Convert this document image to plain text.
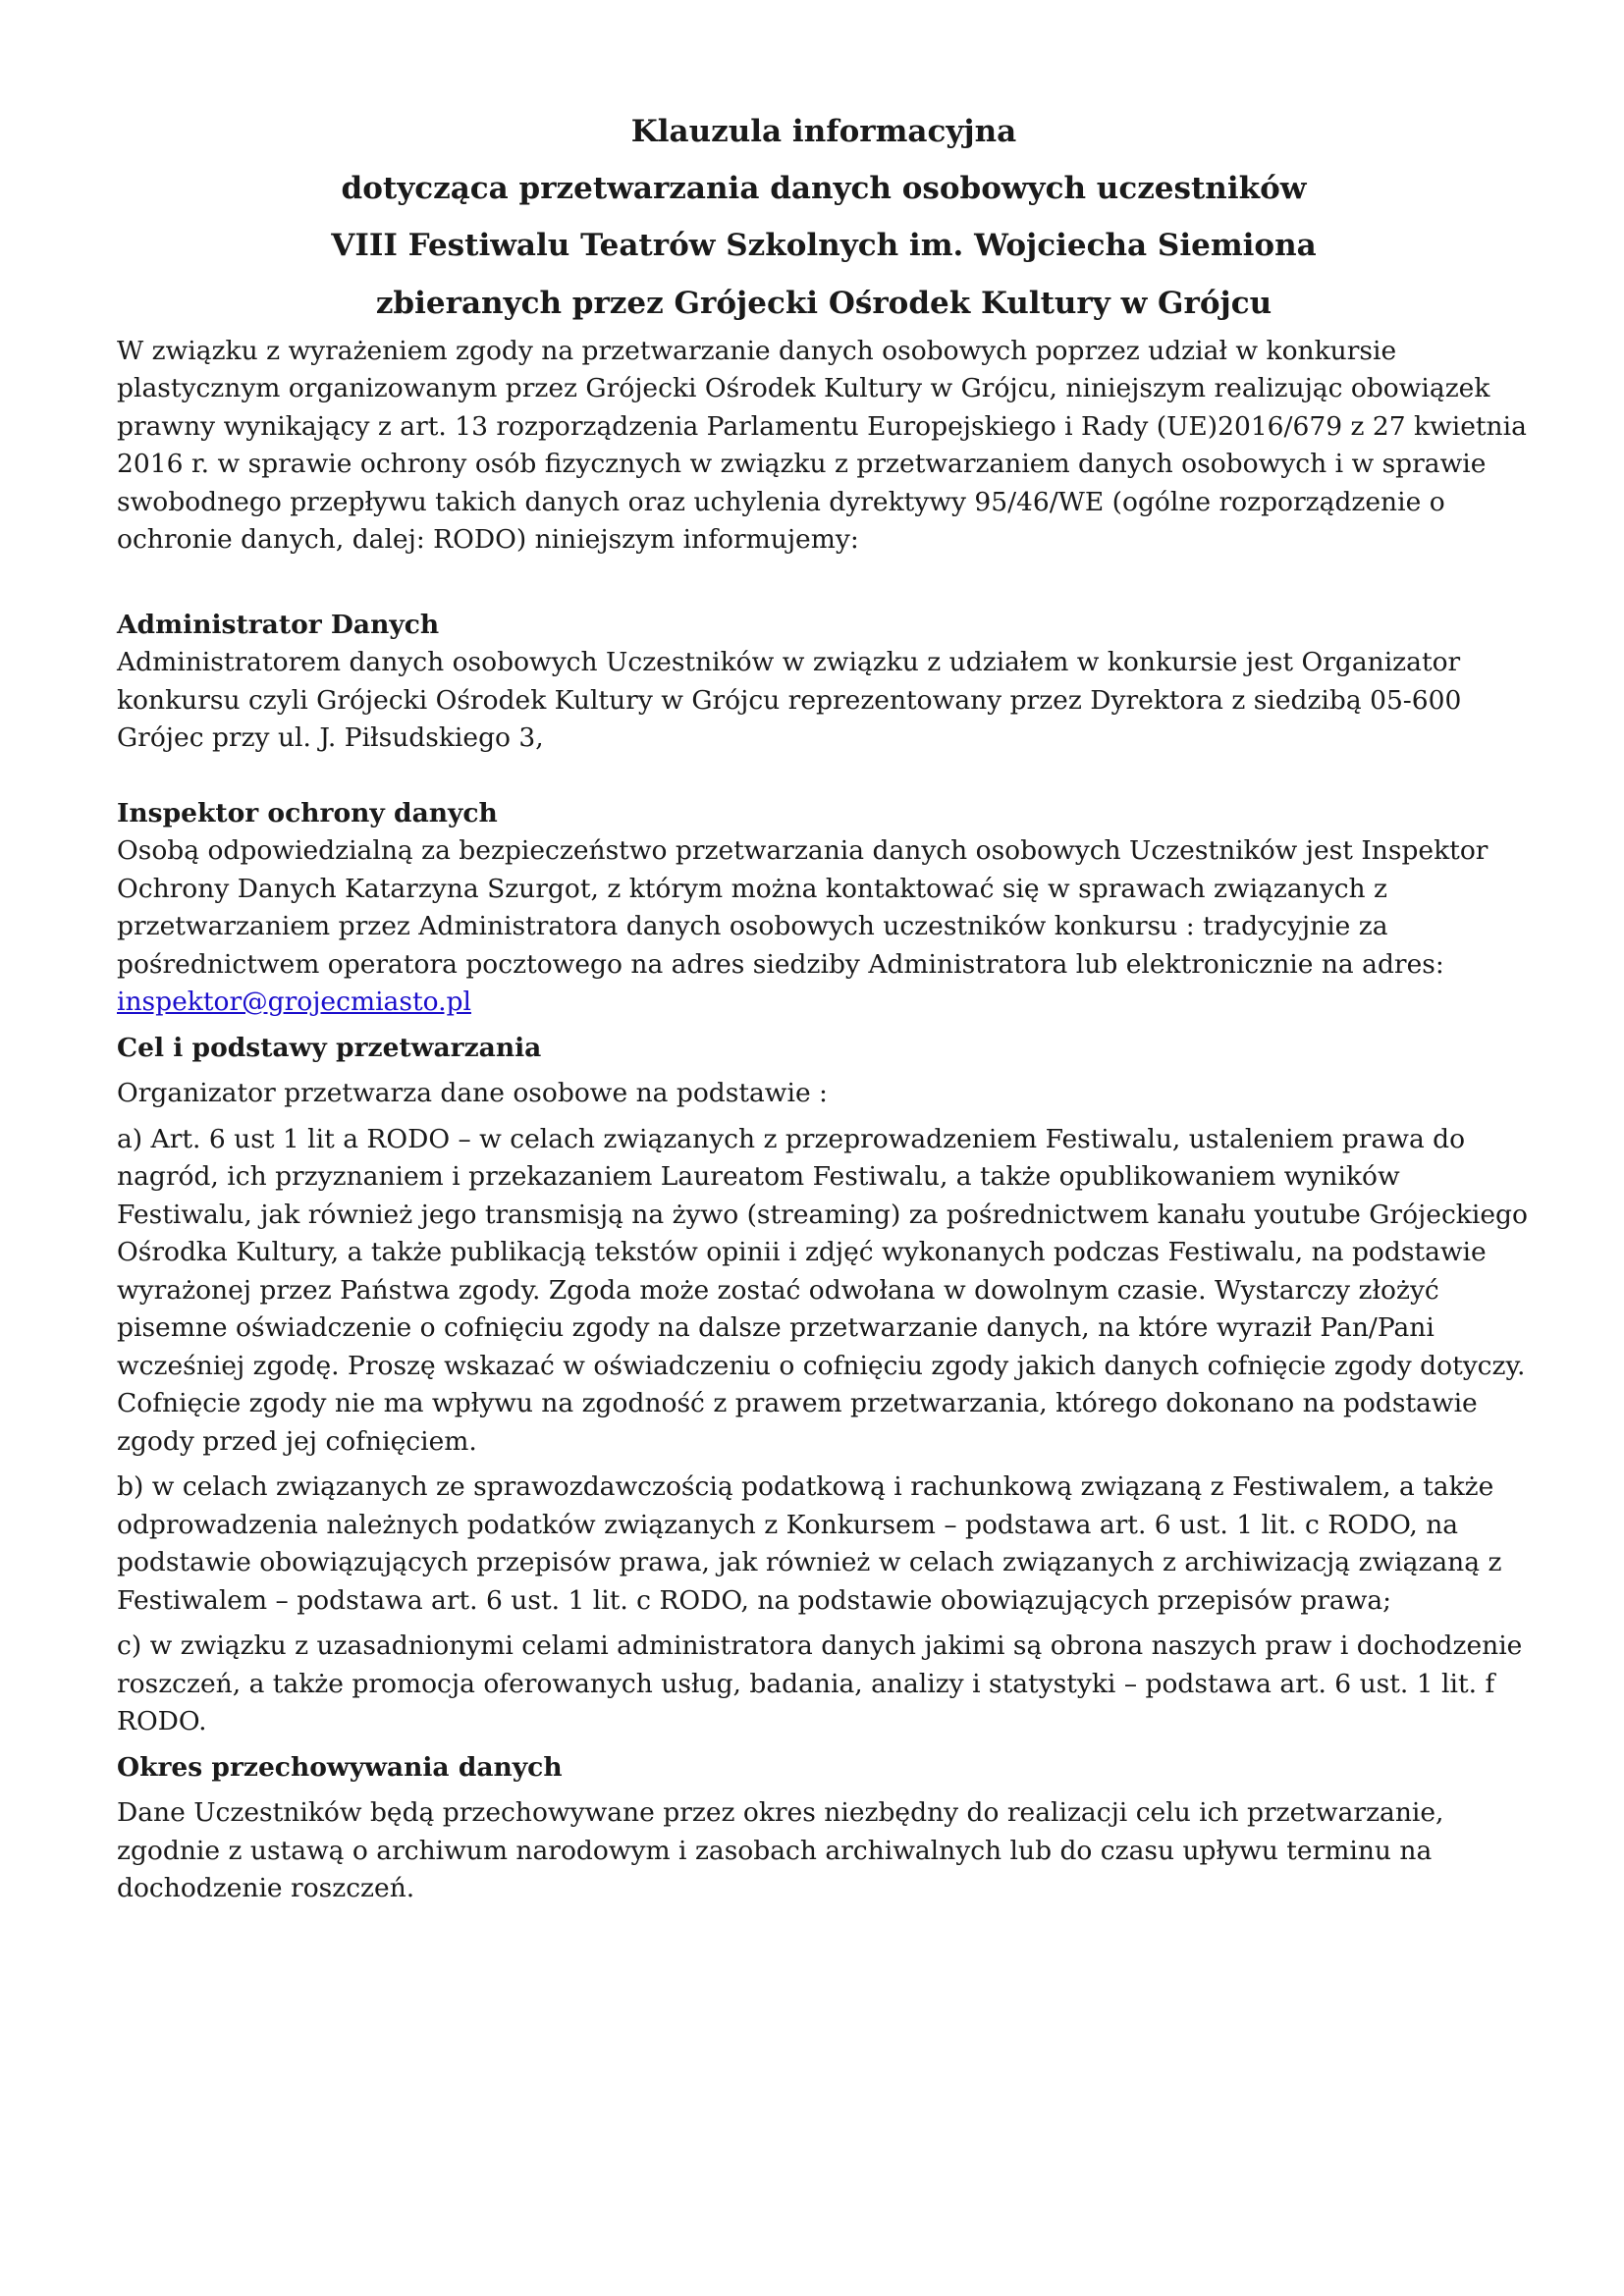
Klauzula informacyjna

dotycząca przetwarzania danych osobowych uczestników

VIII Festiwalu Teatrów Szkolnych im. Wojciecha Siemiona

zbieranych przez Grójecki Ośrodek Kultury w Grójcu

W związku z wyrażeniem zgody na przetwarzanie danych osobowych poprzez udział w konkursie plastycznym organizowanym przez Grójecki Ośrodek Kultury w Grójcu, niniejszym realizując obowiązek prawny wynikający z art. 13 rozporządzenia Parlamentu Europejskiego i Rady (UE)2016/679 z 27 kwietnia 2016 r. w sprawie ochrony osób fizycznych w związku z przetwarzaniem danych osobowych i w sprawie swobodnego przepływu takich danych oraz uchylenia dyrektywy 95/46/WE (ogólne rozporządzenie o ochronie danych, dalej: RODO) niniejszym informujemy:

Administrator Danych

Administratorem danych osobowych Uczestników w związku z udziałem w konkursie jest Organizator konkursu czyli Grójecki Ośrodek Kultury w Grójcu reprezentowany przez Dyrektora z siedzibą 05-600 Grójec przy ul. J. Piłsudskiego 3,

Inspektor ochrony danych

Osobą odpowiedzialną za bezpieczeństwo przetwarzania danych osobowych Uczestników jest Inspektor Ochrony Danych Katarzyna Szurgot, z którym można kontaktować się w sprawach związanych z przetwarzaniem przez Administratora danych osobowych uczestników konkursu : tradycyjnie za pośrednictwem operatora pocztowego na adres siedziby Administratora lub elektronicznie na adres: inspektor@grojecmiasto.pl

Cel i podstawy przetwarzania

Organizator przetwarza dane osobowe na podstawie :

a) Art. 6 ust 1 lit a RODO – w celach związanych z przeprowadzeniem Festiwalu, ustaleniem prawa do nagród, ich przyznaniem i przekazaniem Laureatom Festiwalu, a także opublikowaniem wyników Festiwalu, jak również jego transmisją na żywo (streaming) za pośrednictwem kanału youtube Grójeckiego Ośrodka Kultury, a także publikacją tekstów opinii i zdjęć wykonanych podczas Festiwalu, na podstawie wyrażonej przez Państwa zgody. Zgoda może zostać odwołana w dowolnym czasie. Wystarczy złożyć pisemne oświadczenie o cofnięciu zgody na dalsze przetwarzanie danych, na które wyraził Pan/Pani wcześniej zgodę. Proszę wskazać w oświadczeniu o cofnięciu zgody jakich danych cofnięcie zgody dotyczy. Cofnięcie zgody nie ma wpływu na zgodność z prawem przetwarzania, którego dokonano na podstawie zgody przed jej cofnięciem.

b) w celach związanych ze sprawozdawczością podatkową i rachunkową związaną z Festiwalem, a także odprowadzenia należnych podatków związanych z Konkursem – podstawa art. 6 ust. 1 lit. c RODO, na podstawie obowiązujących przepisów prawa, jak również w celach związanych z archiwizacją związaną z Festiwalem – podstawa art. 6 ust. 1 lit. c RODO, na podstawie obowiązujących przepisów prawa;

c) w związku z uzasadnionymi celami administratora danych jakimi są obrona naszych praw i dochodzenie roszczeń, a także promocja oferowanych usług, badania, analizy i statystyki – podstawa art. 6 ust. 1 lit. f RODO.

Okres przechowywania danych

Dane Uczestników będą przechowywane przez okres niezbędny do realizacji celu ich przetwarzanie, zgodnie z ustawą o archiwum narodowym i zasobach archiwalnych lub do czasu upływu terminu na dochodzenie roszczeń.
